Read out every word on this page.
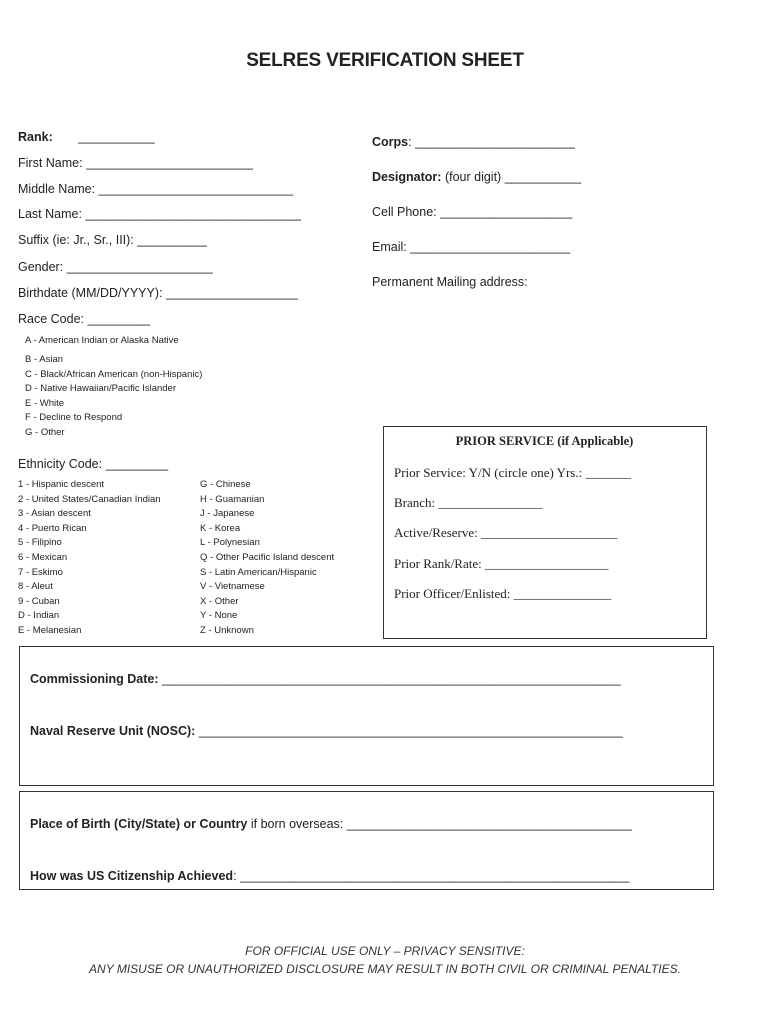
SELRES VERIFICATION SHEET
Rank: ___________
First Name: ________________________
Middle Name: ____________________________
Last Name: _______________________________
Suffix (ie: Jr., Sr., III): __________
Gender: _____________________
Birthdate (MM/DD/YYYY): ___________________
Race Code: _________
A - American Indian or Alaska Native
B - Asian
C - Black/African American (non-Hispanic)
D - Native Hawaiian/Pacific Islander
E - White
F - Decline to Respond
G - Other
Corps: _______________________
Designator: (four digit) ___________
Cell Phone: ___________________
Email: _______________________
Permanent Mailing address:
Ethnicity Code: _________
1 - Hispanic descent
2 - United States/Canadian Indian
3 - Asian descent
4 - Puerto Rican
5 - Filipino
6 - Mexican
7 - Eskimo
8 - Aleut
9 - Cuban
D - Indian
E - Melanesian
G - Chinese
H - Guamanian
J - Japanese
K - Korea
L - Polynesian
Q - Other Pacific Island descent
S - Latin American/Hispanic
V - Vietnamese
X - Other
Y - None
Z - Unknown
PRIOR SERVICE (if Applicable)
Prior Service: Y/N (circle one) Yrs.: _______
Branch: ________________
Active/Reserve: _____________________
Prior Rank/Rate: ___________________
Prior Officer/Enlisted: _______________
Commissioning Date: __________________________________________________________________
Naval Reserve Unit (NOSC): _____________________________________________________________
Place of Birth (City/State) or Country if born overseas: _________________________________________
How was US Citizenship Achieved: ________________________________________________________
FOR OFFICIAL USE ONLY – PRIVACY SENSITIVE:
ANY MISUSE OR UNAUTHORIZED DISCLOSURE MAY RESULT IN BOTH CIVIL OR CRIMINAL PENALTIES.
